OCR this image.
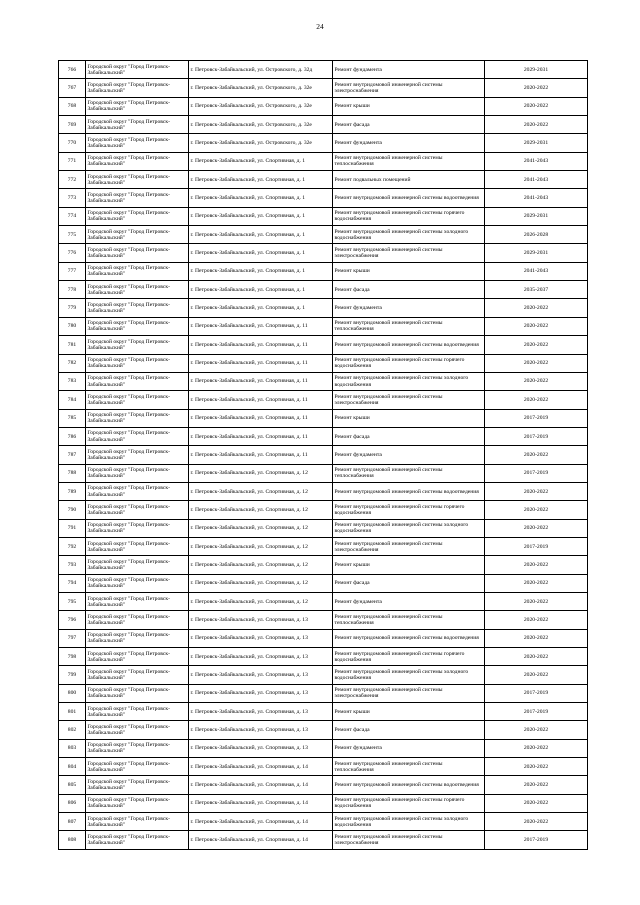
24
766	Городской округ "Город Петровск-Забайкальский"	г. Петровск-Забайкальский, ул. Островского, д. 32д	Ремонт фундамента	2029-2031
767	Городской округ "Город Петровск-Забайкальский"	г. Петровск-Забайкальский, ул. Островского, д. 32е	Ремонт внутридомовой инженерной системы электроснабжения	2020-2022
768	Городской округ "Город Петровск-Забайкальский"	г. Петровск-Забайкальский, ул. Островского, д. 32е	Ремонт крыши	2020-2022
769	Городской округ "Город Петровск-Забайкальский"	г. Петровск-Забайкальский, ул. Островского, д. 32е	Ремонт фасада	2020-2022
770	Городской округ "Город Петровск-Забайкальский"	г. Петровск-Забайкальский, ул. Островского, д. 32е	Ремонт фундамента	2029-2031
771	Городской округ "Город Петровск-Забайкальский"	г. Петровск-Забайкальский, ул. Спортивная, д. 1	Ремонт внутридомовой инженерной системы теплоснабжения	2041-2043
772	Городской округ "Город Петровск-Забайкальский"	г. Петровск-Забайкальский, ул. Спортивная, д. 1	Ремонт подвальных помещений	2041-2043
773	Городской округ "Город Петровск-Забайкальский"	г. Петровск-Забайкальский, ул. Спортивная, д. 1	Ремонт внутридомовой инженерной системы водоотведения	2041-2043
774	Городской округ "Город Петровск-Забайкальский"	г. Петровск-Забайкальский, ул. Спортивная, д. 1	Ремонт внутридомовой инженерной системы горячего водоснабжения	2029-2031
775	Городской округ "Город Петровск-Забайкальский"	г. Петровск-Забайкальский, ул. Спортивная, д. 1	Ремонт внутридомовой инженерной системы холодного водоснабжения	2026-2028
776	Городской округ "Город Петровск-Забайкальский"	г. Петровск-Забайкальский, ул. Спортивная, д. 1	Ремонт внутридомовой инженерной системы электроснабжения	2029-2031
777	Городской округ "Город Петровск-Забайкальский"	г. Петровск-Забайкальский, ул. Спортивная, д. 1	Ремонт крыши	2041-2043
778	Городской округ "Город Петровск-Забайкальский"	г. Петровск-Забайкальский, ул. Спортивная, д. 1	Ремонт фасада	2035-2037
779	Городской округ "Город Петровск-Забайкальский"	г. Петровск-Забайкальский, ул. Спортивная, д. 1	Ремонт фундамента	2020-2022
780	Городской округ "Город Петровск-Забайкальский"	г. Петровск-Забайкальский, ул. Спортивная, д. 11	Ремонт внутридомовой инженерной системы теплоснабжения	2020-2022
781	Городской округ "Город Петровск-Забайкальский"	г. Петровск-Забайкальский, ул. Спортивная, д. 11	Ремонт внутридомовой инженерной системы водоотведения	2020-2022
782	Городской округ "Город Петровск-Забайкальский"	г. Петровск-Забайкальский, ул. Спортивная, д. 11	Ремонт внутридомовой инженерной системы горячего водоснабжения	2020-2022
783	Городской округ "Город Петровск-Забайкальский"	г. Петровск-Забайкальский, ул. Спортивная, д. 11	Ремонт внутридомовой инженерной системы холодного водоснабжения	2020-2022
784	Городской округ "Город Петровск-Забайкальский"	г. Петровск-Забайкальский, ул. Спортивная, д. 11	Ремонт внутридомовой инженерной системы электроснабжения	2020-2022
785	Городской округ "Город Петровск-Забайкальский"	г. Петровск-Забайкальский, ул. Спортивная, д. 11	Ремонт крыши	2017-2019
786	Городской округ "Город Петровск-Забайкальский"	г. Петровск-Забайкальский, ул. Спортивная, д. 11	Ремонт фасада	2017-2019
787	Городской округ "Город Петровск-Забайкальский"	г. Петровск-Забайкальский, ул. Спортивная, д. 11	Ремонт фундамента	2020-2022
788	Городской округ "Город Петровск-Забайкальский"	г. Петровск-Забайкальский, ул. Спортивная, д. 12	Ремонт внутридомовой инженерной системы теплоснабжения	2017-2019
789	Городской округ "Город Петровск-Забайкальский"	г. Петровск-Забайкальский, ул. Спортивная, д. 12	Ремонт внутридомовой инженерной системы водоотведения	2020-2022
790	Городской округ "Город Петровск-Забайкальский"	г. Петровск-Забайкальский, ул. Спортивная, д. 12	Ремонт внутридомовой инженерной системы горячего водоснабжения	2020-2022
791	Городской округ "Город Петровск-Забайкальский"	г. Петровск-Забайкальский, ул. Спортивная, д. 12	Ремонт внутридомовой инженерной системы холодного водоснабжения	2020-2022
792	Городской округ "Город Петровск-Забайкальский"	г. Петровск-Забайкальский, ул. Спортивная, д. 12	Ремонт внутридомовой инженерной системы электроснабжения	2017-2019
793	Городской округ "Город Петровск-Забайкальский"	г. Петровск-Забайкальский, ул. Спортивная, д. 12	Ремонт крыши	2020-2022
794	Городской округ "Город Петровск-Забайкальский"	г. Петровск-Забайкальский, ул. Спортивная, д. 12	Ремонт фасада	2020-2022
795	Городской округ "Город Петровск-Забайкальский"	г. Петровск-Забайкальский, ул. Спортивная, д. 12	Ремонт фундамента	2020-2022
796	Городской округ "Город Петровск-Забайкальский"	г. Петровск-Забайкальский, ул. Спортивная, д. 13	Ремонт внутридомовой инженерной системы теплоснабжения	2020-2022
797	Городской округ "Город Петровск-Забайкальский"	г. Петровск-Забайкальский, ул. Спортивная, д. 13	Ремонт внутридомовой инженерной системы водоотведения	2020-2022
798	Городской округ "Город Петровск-Забайкальский"	г. Петровск-Забайкальский, ул. Спортивная, д. 13	Ремонт внутридомовой инженерной системы горячего водоснабжения	2020-2022
799	Городской округ "Город Петровск-Забайкальский"	г. Петровск-Забайкальский, ул. Спортивная, д. 13	Ремонт внутридомовой инженерной системы холодного водоснабжения	2020-2022
800	Городской округ "Город Петровск-Забайкальский"	г. Петровск-Забайкальский, ул. Спортивная, д. 13	Ремонт внутридомовой инженерной системы электроснабжения	2017-2019
801	Городской округ "Город Петровск-Забайкальский"	г. Петровск-Забайкальский, ул. Спортивная, д. 13	Ремонт крыши	2017-2019
802	Городской округ "Город Петровск-Забайкальский"	г. Петровск-Забайкальский, ул. Спортивная, д. 13	Ремонт фасада	2020-2022
803	Городской округ "Город Петровск-Забайкальский"	г. Петровск-Забайкальский, ул. Спортивная, д. 13	Ремонт фундамента	2020-2022
804	Городской округ "Город Петровск-Забайкальский"	г. Петровск-Забайкальский, ул. Спортивная, д. 14	Ремонт внутридомовой инженерной системы теплоснабжения	2020-2022
805	Городской округ "Город Петровск-Забайкальский"	г. Петровск-Забайкальский, ул. Спортивная, д. 14	Ремонт внутридомовой инженерной системы водоотведения	2020-2022
806	Городской округ "Город Петровск-Забайкальский"	г. Петровск-Забайкальский, ул. Спортивная, д. 14	Ремонт внутридомовой инженерной системы горячего водоснабжения	2020-2022
807	Городской округ "Город Петровск-Забайкальский"	г. Петровск-Забайкальский, ул. Спортивная, д. 14	Ремонт внутридомовой инженерной системы холодного водоснабжения	2020-2022
808	Городской округ "Город Петровск-Забайкальский"	г. Петровск-Забайкальский, ул. Спортивная, д. 14	Ремонт внутридомовой инженерной системы электроснабжения	2017-2019
